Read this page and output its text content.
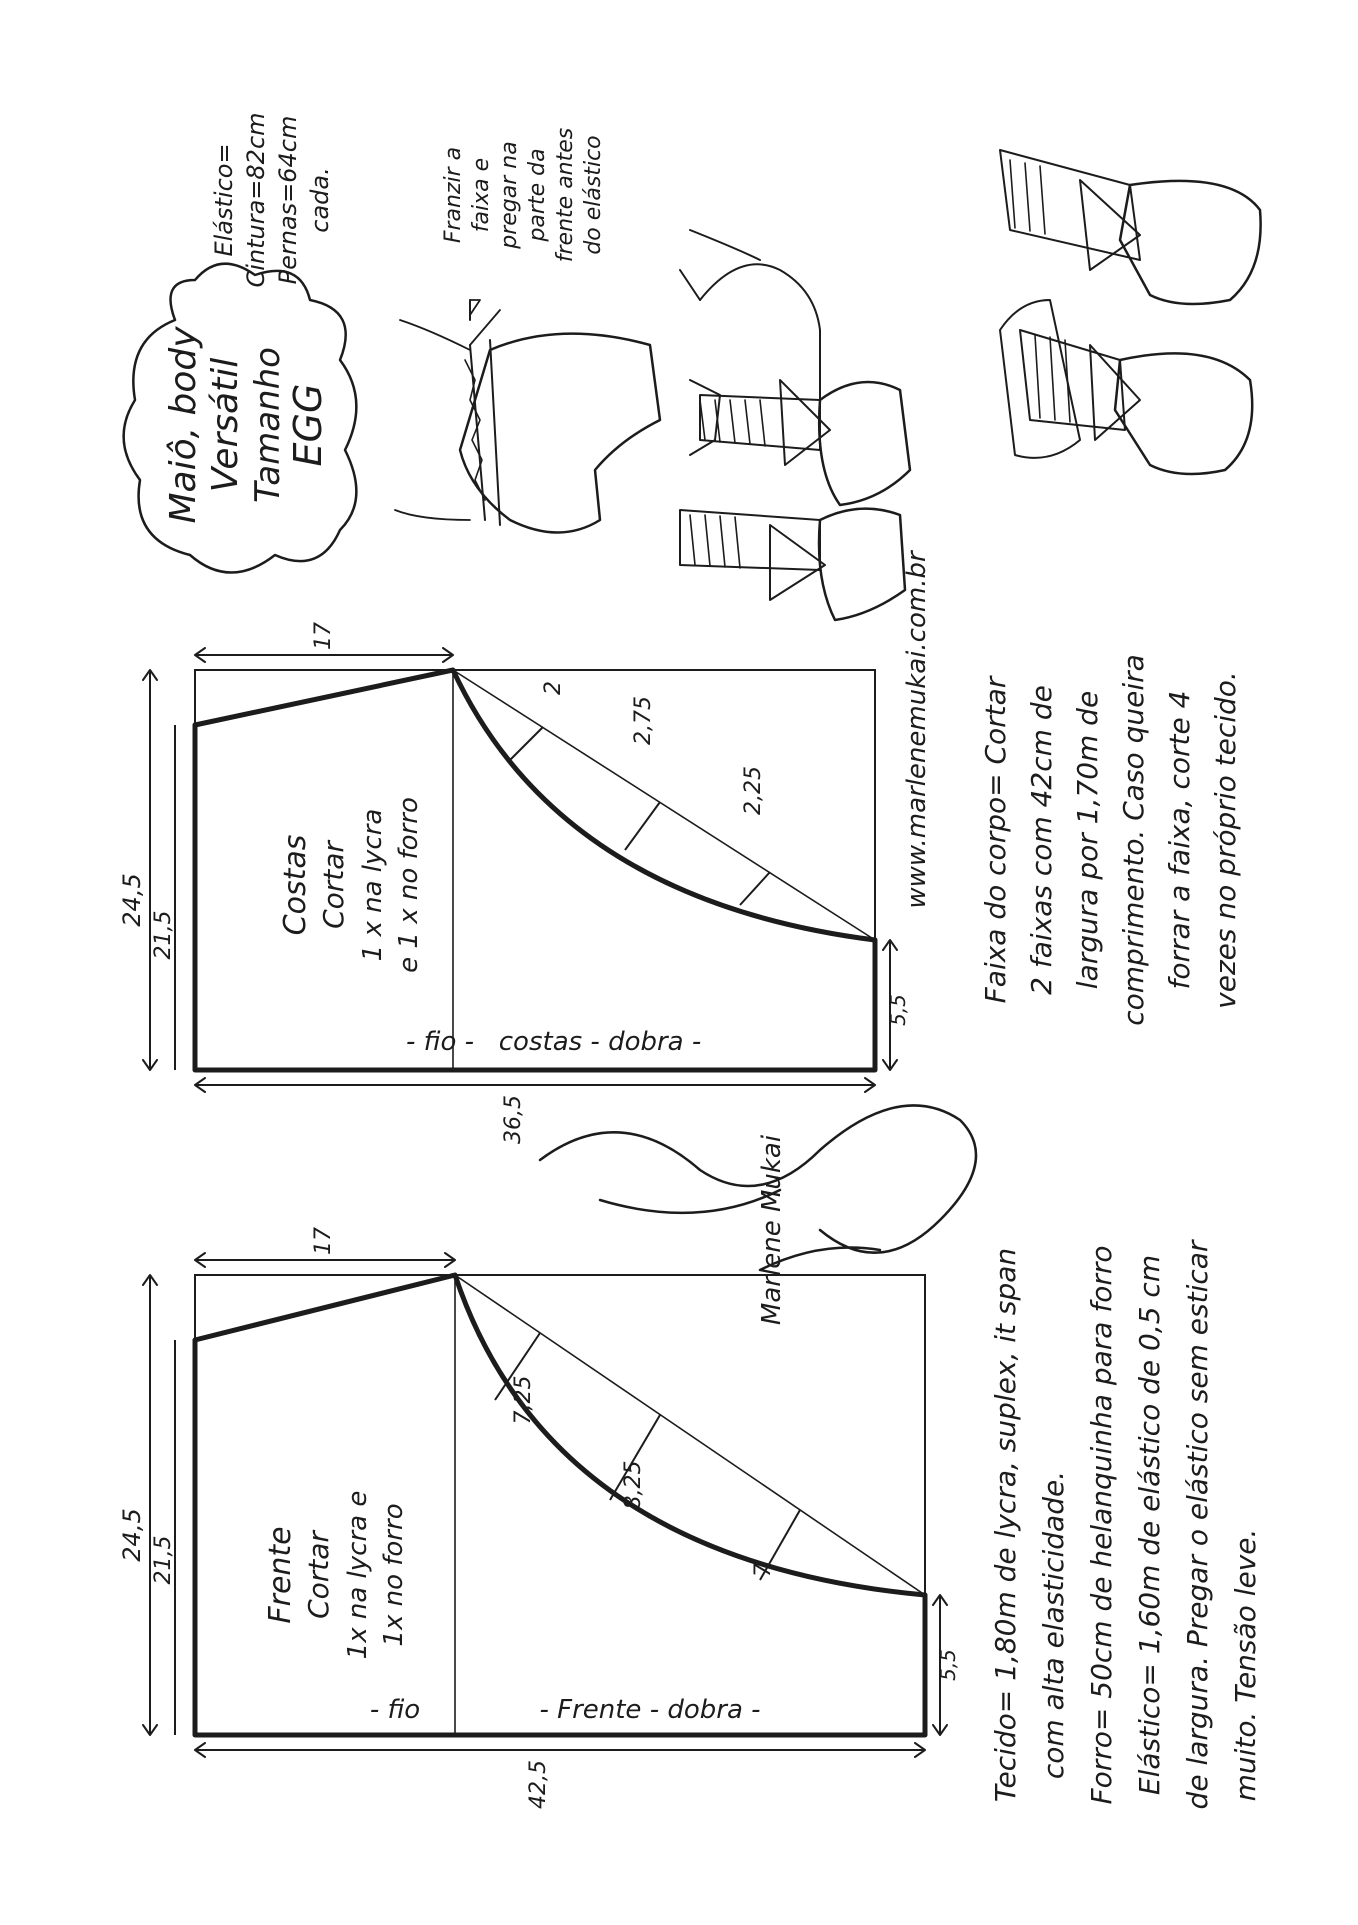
Maiô, body Versátil Tamanho
EGG
Elástico= Cintura=82cm Pernas=64cm cada.	Franzir a faixa e pregar na parte da frente antes do elástico
www.marlenemukai.com.br
2
2,75
2,25
Costas Cortar 1 x na lycra e 1 x no forro
- fio - costas - dobra -
17
24,5
21,5
36,5
5,5
Faixa do corpo= Cortar 2 faixas com 42cm de largura por 1,70m de comprimento. Caso queira forrar a faixa, corte 4 vezes no próprio tecido.
Marlene Mukai
7,25
8,25
7
Frente Cortar 1x na lycra e 1x no forro
- fio	- Frente - dobra -
17
24,5 21,5
42,5
5,5 Tecido= 1,80m de lycra, suplex, it span com alta elasticidade. Forro= 50cm de helanquinha para forro Elástico= 1,60m de elástico de 0,5 cm de largura. Pregar o elástico sem esticar muito. Tensão leve.
